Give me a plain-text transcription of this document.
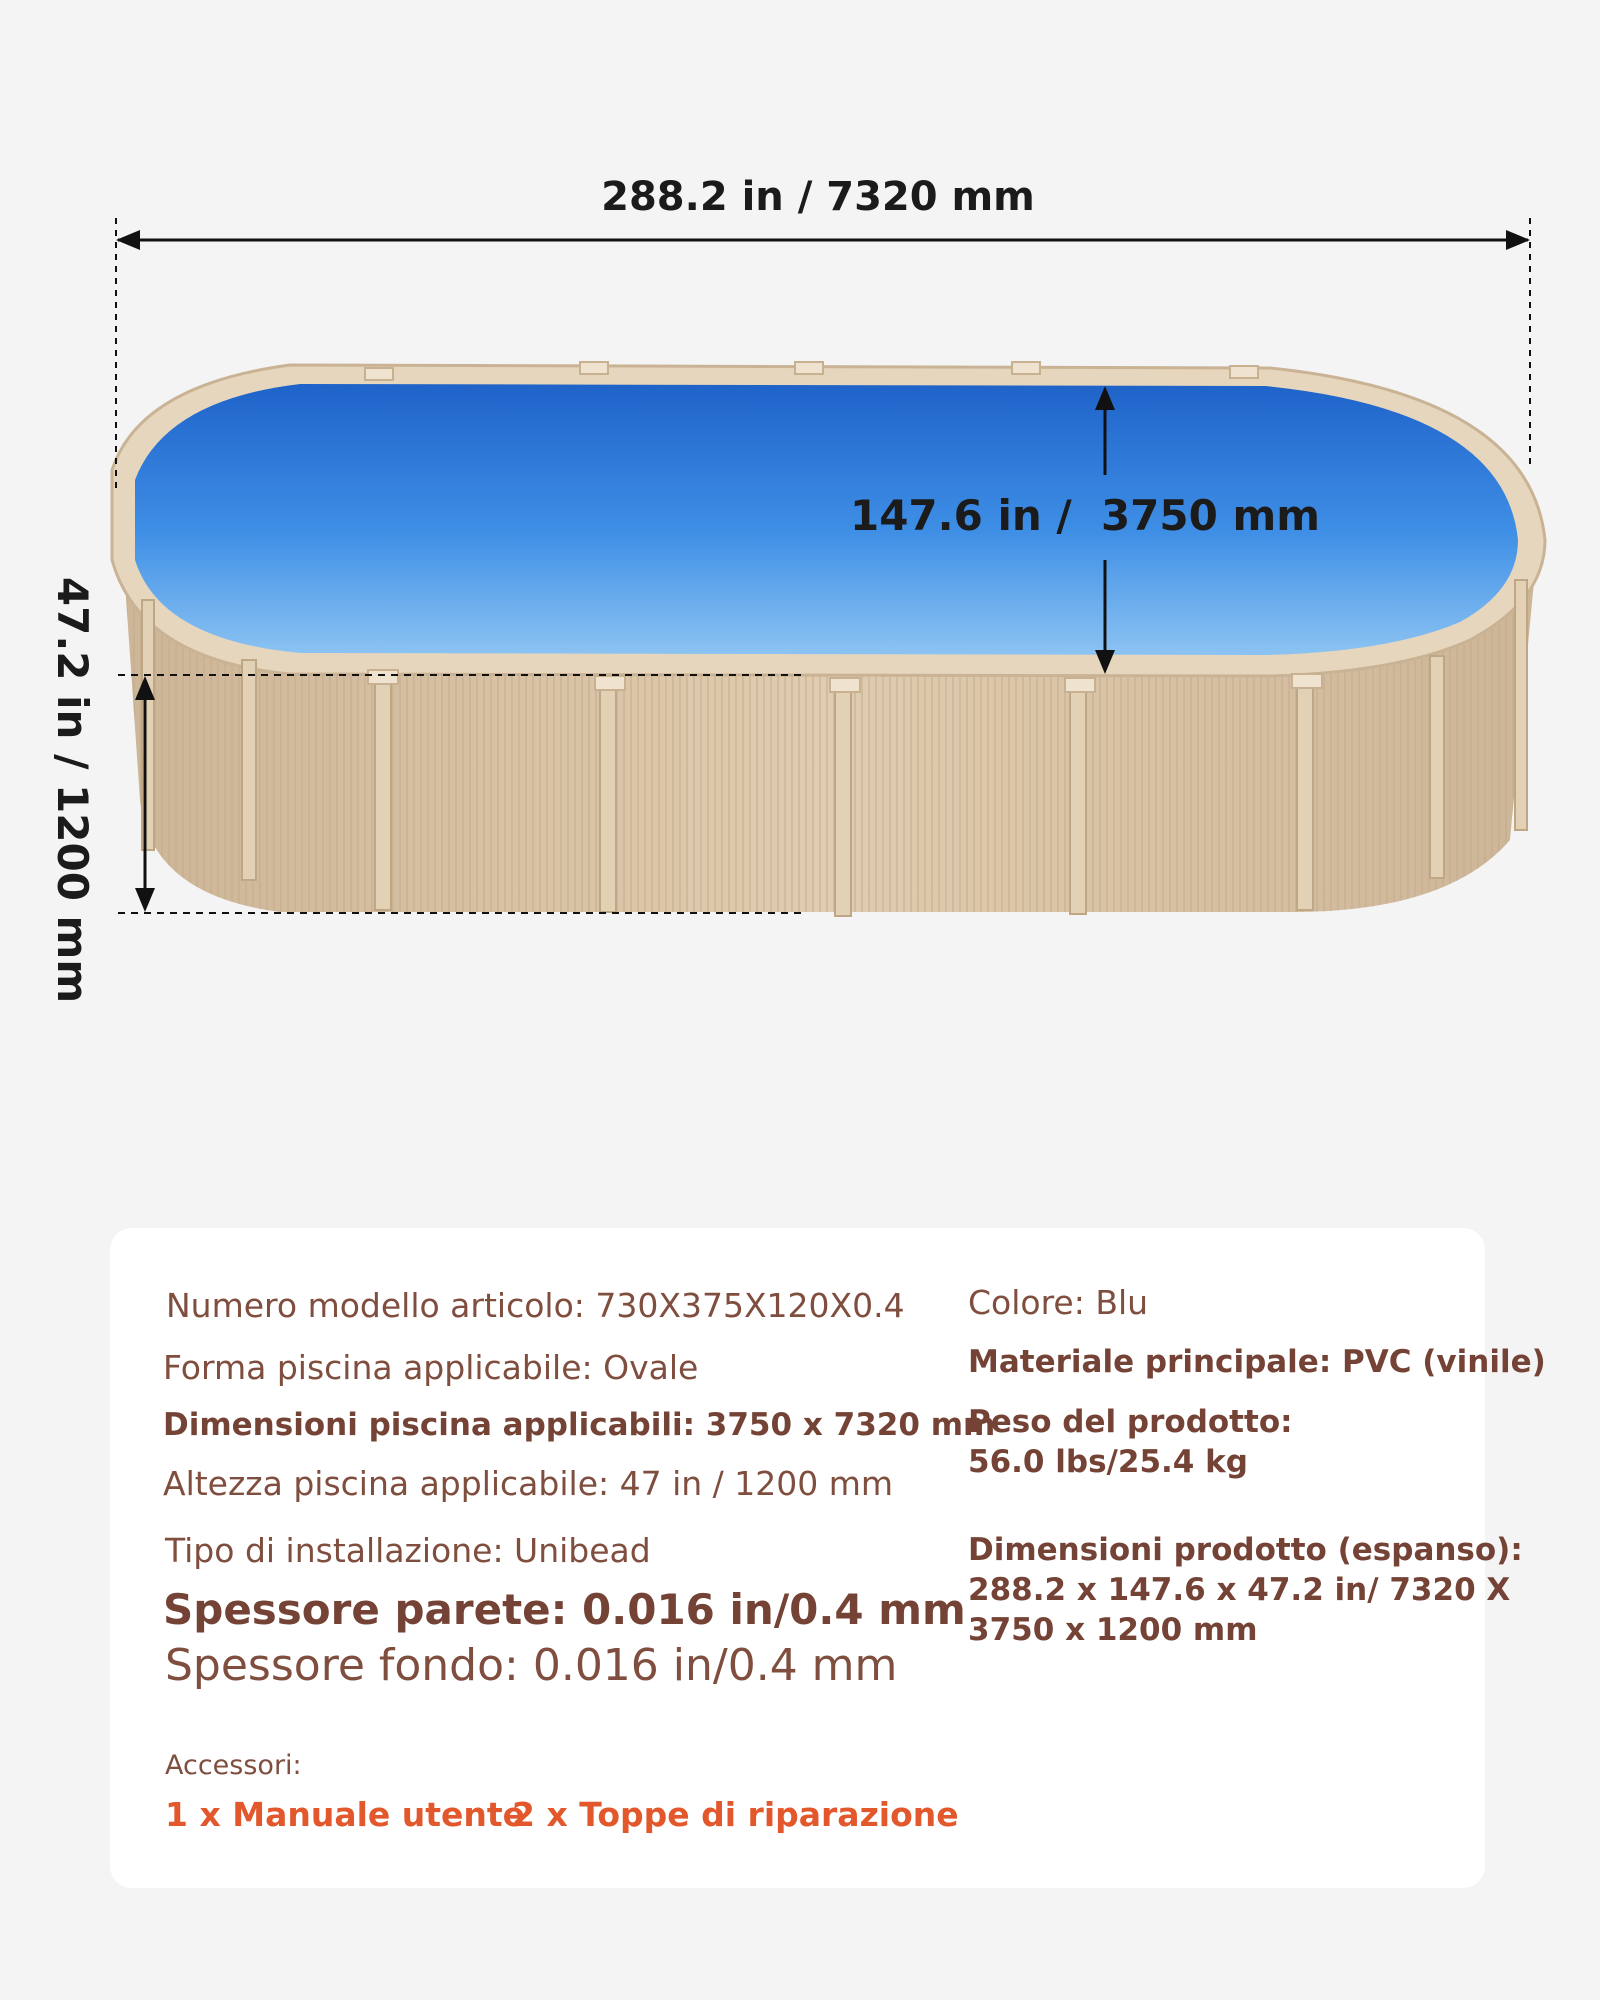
288.2 in / 7320 mm
147.6 in /  3750 mm
47.2 in / 1200 mm
Numero modello articolo: 730X375X120X0.4
Forma piscina applicabile: Ovale
Dimensioni piscina applicabili: 3750 x 7320 mm
Altezza piscina applicabile: 47 in / 1200 mm
Tipo di installazione: Unibead
Spessore parete: 0.016 in/0.4 mm
Spessore fondo: 0.016 in/0.4 mm
Colore: Blu
Materiale principale: PVC (vinile)
Peso del prodotto:
56.0 lbs/25.4 kg
Dimensioni prodotto (espanso):
288.2 x 147.6 x 47.2 in/ 7320 X 3750 x 1200 mm
Accessori:
1 x Manuale utente
2 x Toppe di riparazione
